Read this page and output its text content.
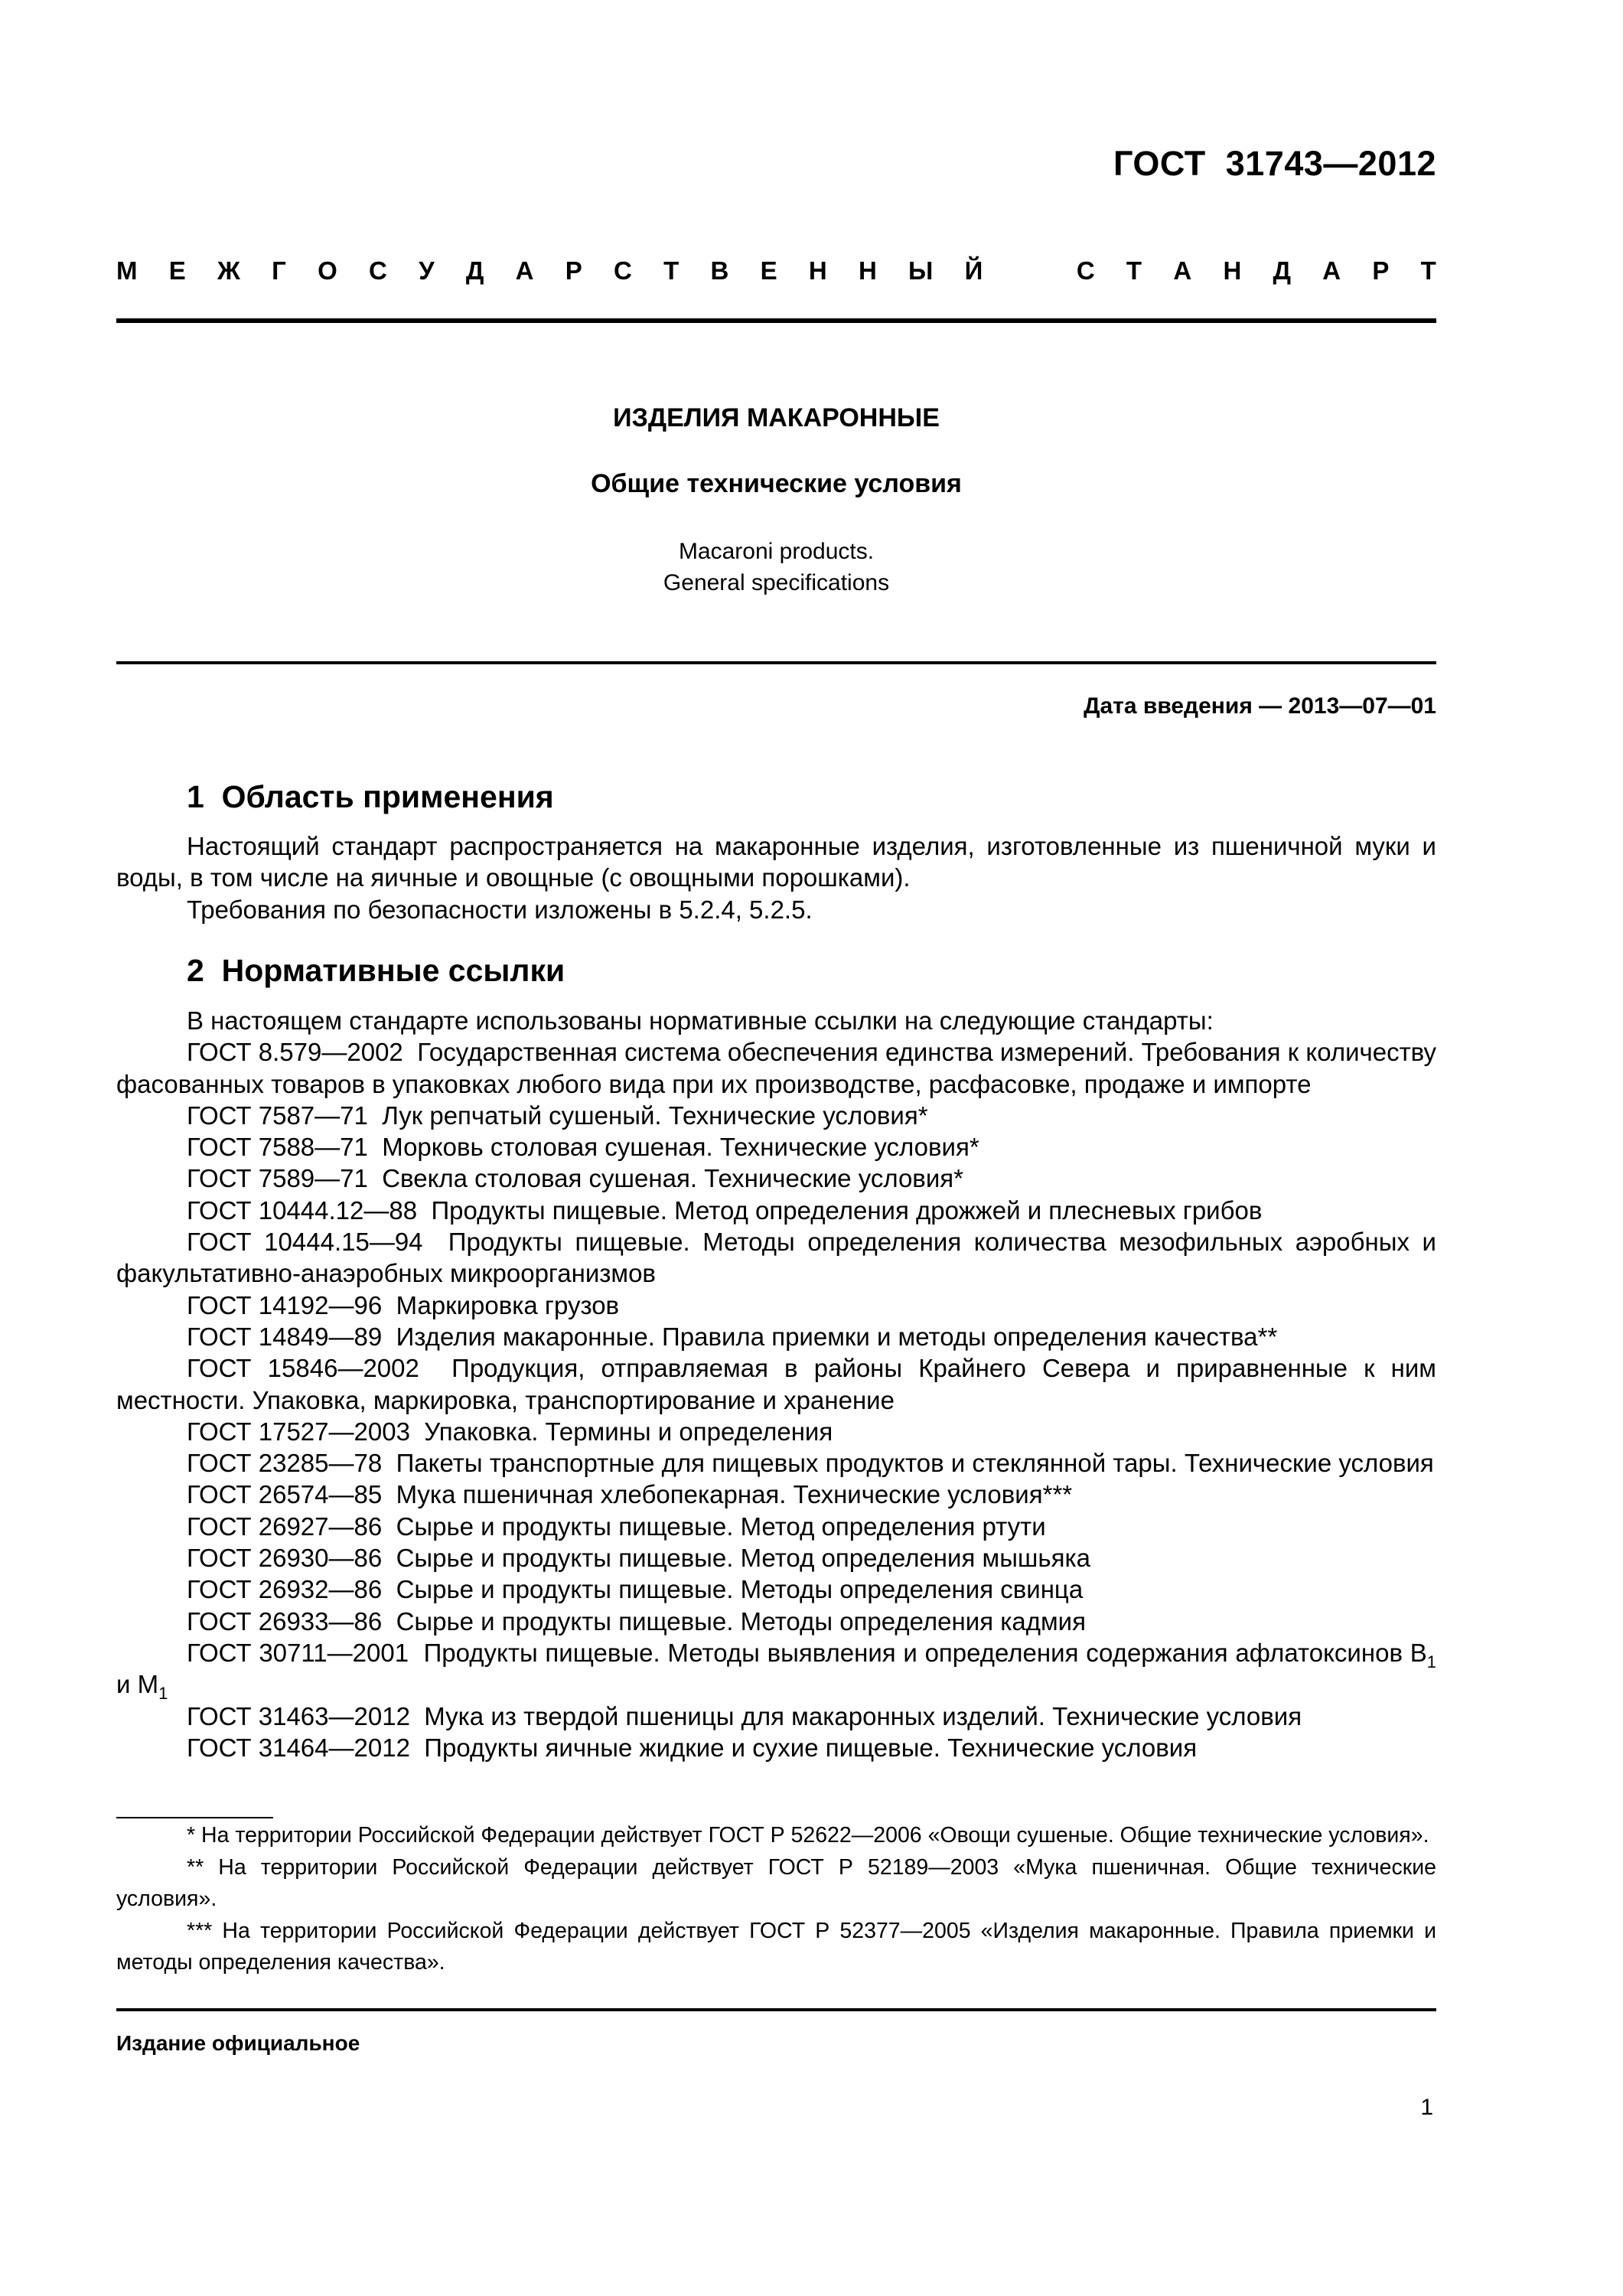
ГОСТ  31743—2012
М Е Ж Г О С У Д А Р С Т В Е Н Н Ы Й	С Т А Н Д А Р Т
ИЗДЕЛИЯ МАКАРОННЫЕ
Общие технические условия
Macaroni products.
General specifications
Дата введения — 2013—07—01
1  Область применения

Настоящий стандарт распространяется на макаронные изделия, изготовленные из пшеничной муки и воды, в том числе на яичные и овощные (с овощными порошками).

Требования по безопасности изложены в 5.2.4, 5.2.5.

2  Нормативные ссылки

В настоящем стандарте использованы нормативные ссылки на следующие стандарты:

ГОСТ 8.579—2002 Государственная система обеспечения единства измерений. Требования к количеству фасованных товаров в упаковках любого вида при их производстве, расфасовке, продаже и импорте

ГОСТ 7587—71 Лук репчатый сушеный. Технические условия*

ГОСТ 7588—71 Морковь столовая сушеная. Технические условия*

ГОСТ 7589—71 Свекла столовая сушеная. Технические условия*

ГОСТ 10444.12—88 Продукты пищевые. Метод определения дрожжей и плесневых грибов

ГОСТ 10444.15—94 Продукты пищевые. Методы определения количества мезофильных аэробных и факультативно-анаэробных микроорганизмов

ГОСТ 14192—96 Маркировка грузов

ГОСТ 14849—89 Изделия макаронные. Правила приемки и методы определения качества**

ГОСТ 15846—2002 Продукция, отправляемая в районы Крайнего Севера и приравненные к ним местности. Упаковка, маркировка, транспортирование и хранение

ГОСТ 17527—2003 Упаковка. Термины и определения

ГОСТ 23285—78 Пакеты транспортные для пищевых продуктов и стеклянной тары. Технические условия

ГОСТ 26574—85 Мука пшеничная хлебопекарная. Технические условия***

ГОСТ 26927—86 Сырье и продукты пищевые. Метод определения ртути

ГОСТ 26930—86 Сырье и продукты пищевые. Метод определения мышьяка

ГОСТ 26932—86 Сырье и продукты пищевые. Методы определения свинца

ГОСТ 26933—86 Сырье и продукты пищевые. Методы определения кадмия

ГОСТ 30711—2001 Продукты пищевые. Методы выявления и определения содержания афлатоксинов $B_1$ и $M_1$

ГОСТ 31463—2012 Мука из твердой пшеницы для макаронных изделий. Технические условия

ГОСТ 31464—2012 Продукты яичные жидкие и сухие пищевые. Технические условия

* На территории Российской Федерации действует ГОСТ Р 52622—2006 «Овощи сушеные. Общие технические условия».

** На территории Российской Федерации действует ГОСТ Р 52189—2003 «Мука пшеничная. Общие технические условия».

*** На территории Российской Федерации действует ГОСТ Р 52377—2005 «Изделия макаронные. Правила приемки и методы определения качества».

Издание официальное
1
